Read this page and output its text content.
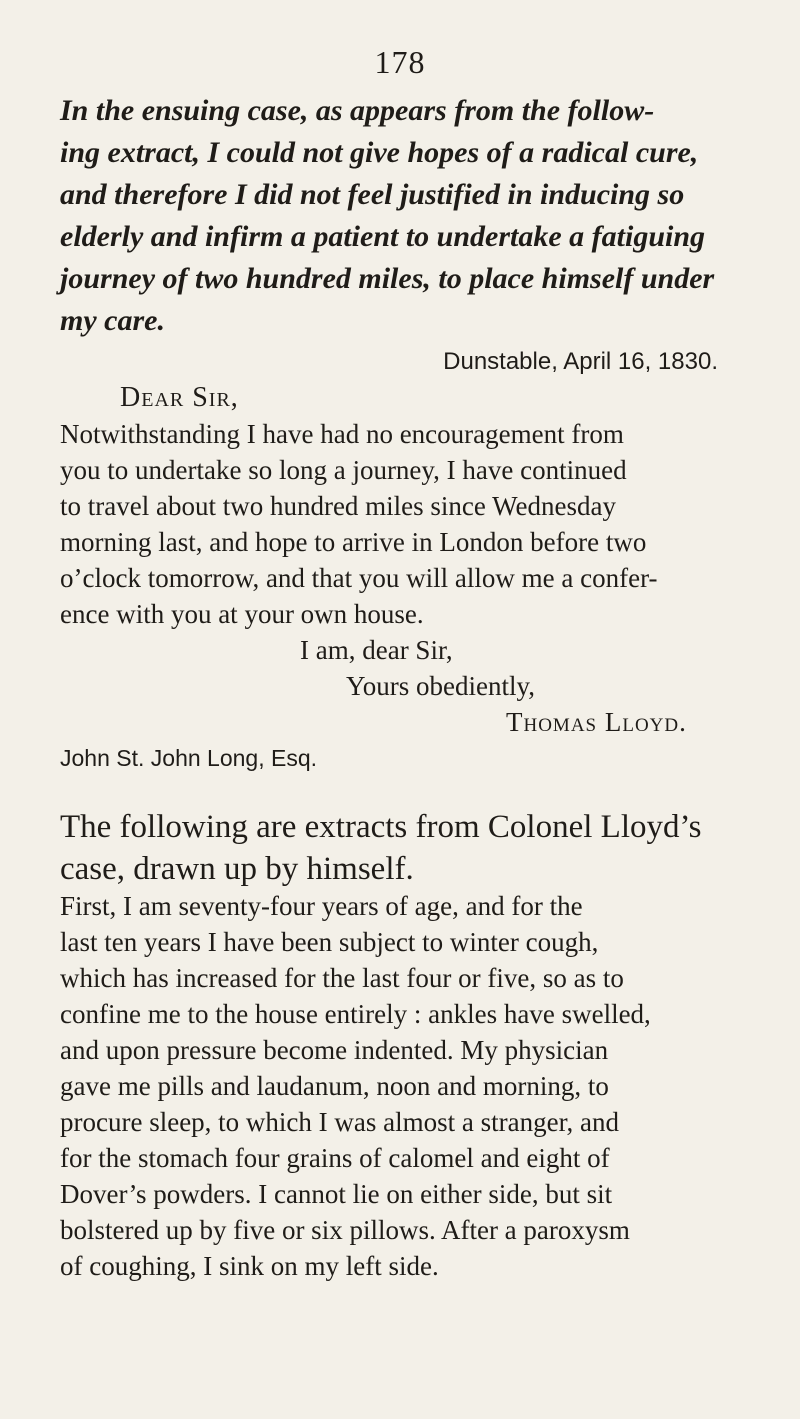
178
In the ensuing case, as appears from the follow-
ing extract, I could not give hopes of a radical cure,
and therefore I did not feel justified in inducing so
elderly and infirm a patient to undertake a fatiguing
journey of two hundred miles, to place himself under
my care.
Dunstable, April 16, 1830.
Dear Sir,
Notwithstanding I have had no encouragement from
you to undertake so long a journey, I have continued
to travel about two hundred miles since Wednesday
morning last, and hope to arrive in London before two
o’clock tomorrow, and that you will allow me a confer-
ence with you at your own house.
I am, dear Sir,
Yours obediently,
Thomas Lloyd.
John St. John Long, Esq.
The following are extracts from Colonel Lloyd’s
case, drawn up by himself.
First, I am seventy-four years of age, and for the
last ten years I have been subject to winter cough,
which has increased for the last four or five, so as to
confine me to the house entirely : ankles have swelled,
and upon pressure become indented. My physician
gave me pills and laudanum, noon and morning, to
procure sleep, to which I was almost a stranger, and
for the stomach four grains of calomel and eight of
Dover’s powders. I cannot lie on either side, but sit
bolstered up by five or six pillows. After a paroxysm
of coughing, I sink on my left side.
